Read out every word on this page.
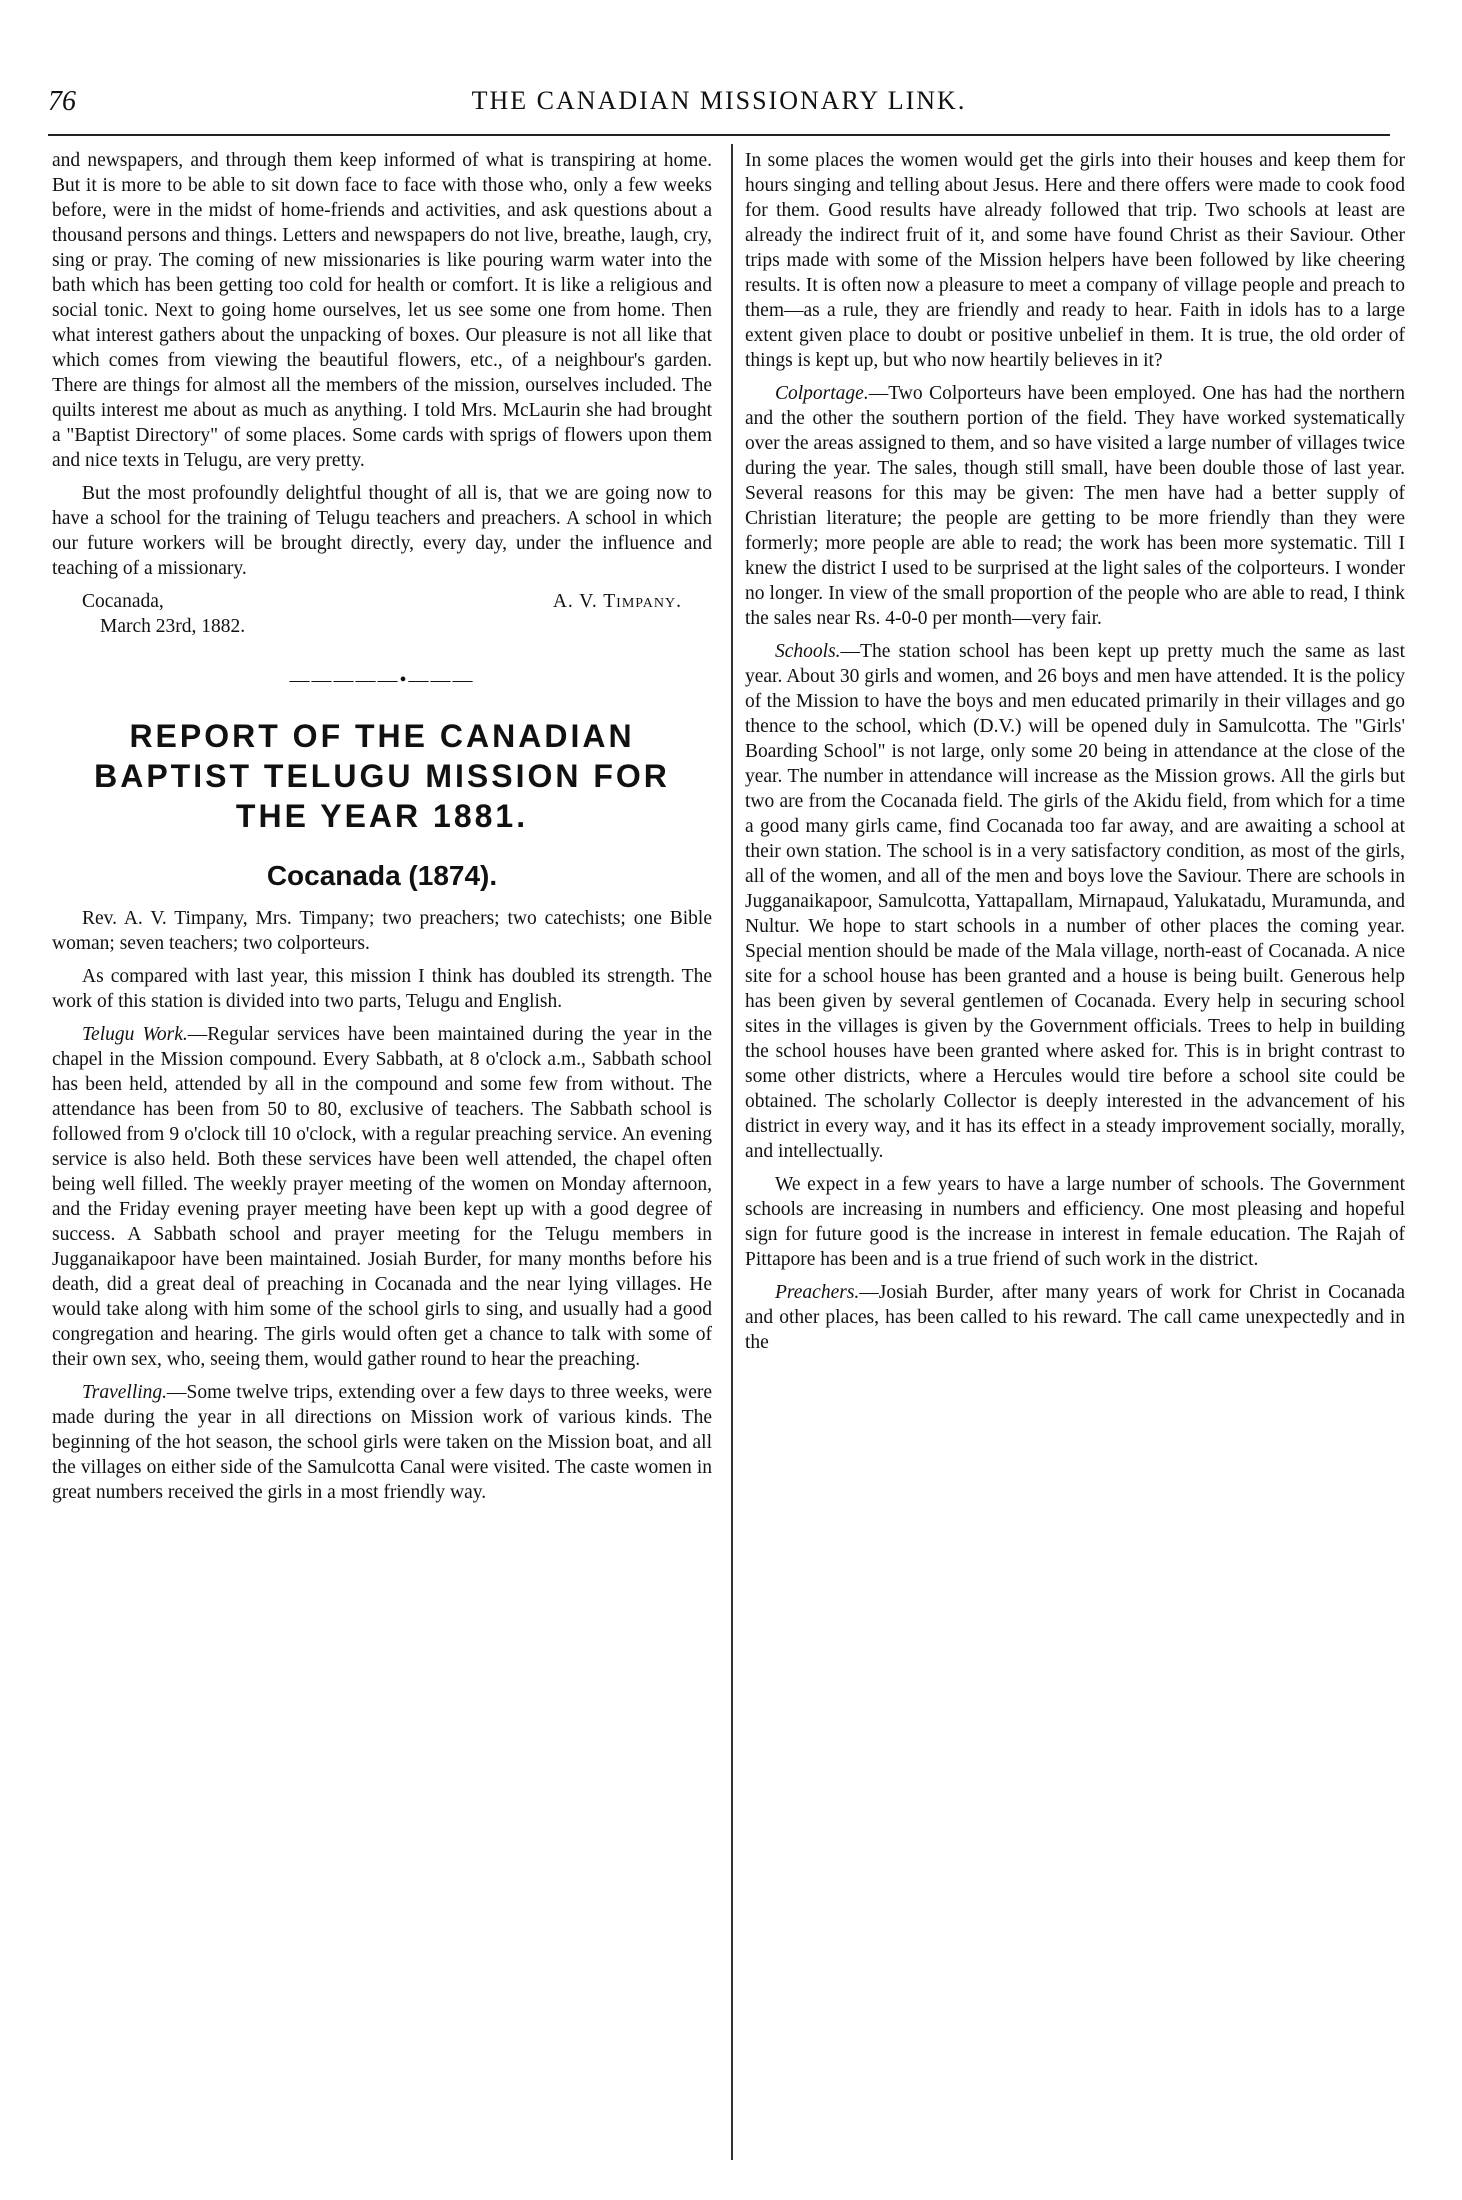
76	THE CANADIAN MISSIONARY LINK.

and newspapers, and through them keep informed of what is transpiring at home. But it is more to be able to sit down face to face with those who, only a few weeks before, were in the midst of home-friends and activities, and ask questions about a thousand persons and things. Letters and newspapers do not live, breathe, laugh, cry, sing or pray. The coming of new missionaries is like pouring warm water into the bath which has been getting too cold for health or comfort. It is like a religious and social tonic. Next to going home ourselves, let us see some one from home. Then what interest gathers about the unpacking of boxes. Our pleasure is not all like that which comes from viewing the beautiful flowers, etc., of a neighbour's garden. There are things for almost all the members of the mission, ourselves included. The quilts interest me about as much as anything. I told Mrs. McLaurin she had brought a "Baptist Directory" of some places. Some cards with sprigs of flowers upon them and nice texts in Telugu, are very pretty.

But the most profoundly delightful thought of all is, that we are going now to have a school for the training of Telugu teachers and preachers. A school in which our future workers will be brought directly, every day, under the influence and teaching of a missionary.

Cocanada,	A. V. Timpany.
March 23rd, 1882.
—————•———
REPORT OF THE CANADIAN BAPTIST TELUGU MISSION FOR THE YEAR 1881.
Cocanada (1874).

Rev. A. V. Timpany, Mrs. Timpany; two preachers; two catechists; one Bible woman; seven teachers; two colporteurs.

As compared with last year, this mission I think has doubled its strength. The work of this station is divided into two parts, Telugu and English.

Telugu Work.—Regular services have been maintained during the year in the chapel in the Mission compound. Every Sabbath, at 8 o'clock a.m., Sabbath school has been held, attended by all in the compound and some few from without. The attendance has been from 50 to 80, exclusive of teachers. The Sabbath school is followed from 9 o'clock till 10 o'clock, with a regular preaching service. An evening service is also held. Both these services have been well attended, the chapel often being well filled. The weekly prayer meeting of the women on Monday afternoon, and the Friday evening prayer meeting have been kept up with a good degree of success. A Sabbath school and prayer meeting for the Telugu members in Jugganaikapoor have been maintained. Josiah Burder, for many months before his death, did a great deal of preaching in Cocanada and the near lying villages. He would take along with him some of the school girls to sing, and usually had a good congregation and hearing. The girls would often get a chance to talk with some of their own sex, who, seeing them, would gather round to hear the preaching.

Travelling.—Some twelve trips, extending over a few days to three weeks, were made during the year in all directions on Mission work of various kinds. The beginning of the hot season, the school girls were taken on the Mission boat, and all the villages on either side of the Samulcotta Canal were visited. The caste women in great numbers received the girls in a most friendly way.

In some places the women would get the girls into their houses and keep them for hours singing and telling about Jesus. Here and there offers were made to cook food for them. Good results have already followed that trip. Two schools at least are already the indirect fruit of it, and some have found Christ as their Saviour. Other trips made with some of the Mission helpers have been followed by like cheering results. It is often now a pleasure to meet a company of village people and preach to them—as a rule, they are friendly and ready to hear. Faith in idols has to a large extent given place to doubt or positive unbelief in them. It is true, the old order of things is kept up, but who now heartily believes in it?

Colportage.—Two Colporteurs have been employed. One has had the northern and the other the southern portion of the field. They have worked systematically over the areas assigned to them, and so have visited a large number of villages twice during the year. The sales, though still small, have been double those of last year. Several reasons for this may be given: The men have had a better supply of Christian literature; the people are getting to be more friendly than they were formerly; more people are able to read; the work has been more systematic. Till I knew the district I used to be surprised at the light sales of the colporteurs. I wonder no longer. In view of the small proportion of the people who are able to read, I think the sales near Rs. 4-0-0 per month—very fair.

Schools.—The station school has been kept up pretty much the same as last year. About 30 girls and women, and 26 boys and men have attended. It is the policy of the Mission to have the boys and men educated primarily in their villages and go thence to the school, which (D.V.) will be opened duly in Samulcotta. The "Girls' Boarding School" is not large, only some 20 being in attendance at the close of the year. The number in attendance will increase as the Mission grows. All the girls but two are from the Cocanada field. The girls of the Akidu field, from which for a time a good many girls came, find Cocanada too far away, and are awaiting a school at their own station. The school is in a very satisfactory condition, as most of the girls, all of the women, and all of the men and boys love the Saviour. There are schools in Jugganaikapoor, Samulcotta, Yattapallam, Mirnapaud, Yalukatadu, Muramunda, and Nultur. We hope to start schools in a number of other places the coming year. Special mention should be made of the Mala village, north-east of Cocanada. A nice site for a school house has been granted and a house is being built. Generous help has been given by several gentlemen of Cocanada. Every help in securing school sites in the villages is given by the Government officials. Trees to help in building the school houses have been granted where asked for. This is in bright contrast to some other districts, where a Hercules would tire before a school site could be obtained. The scholarly Collector is deeply interested in the advancement of his district in every way, and it has its effect in a steady improvement socially, morally, and intellectually.

We expect in a few years to have a large number of schools. The Government schools are increasing in numbers and efficiency. One most pleasing and hopeful sign for future good is the increase in interest in female education. The Rajah of Pittapore has been and is a true friend of such work in the district.

Preachers.—Josiah Burder, after many years of work for Christ in Cocanada and other places, has been called to his reward. The call came unexpectedly and in the
